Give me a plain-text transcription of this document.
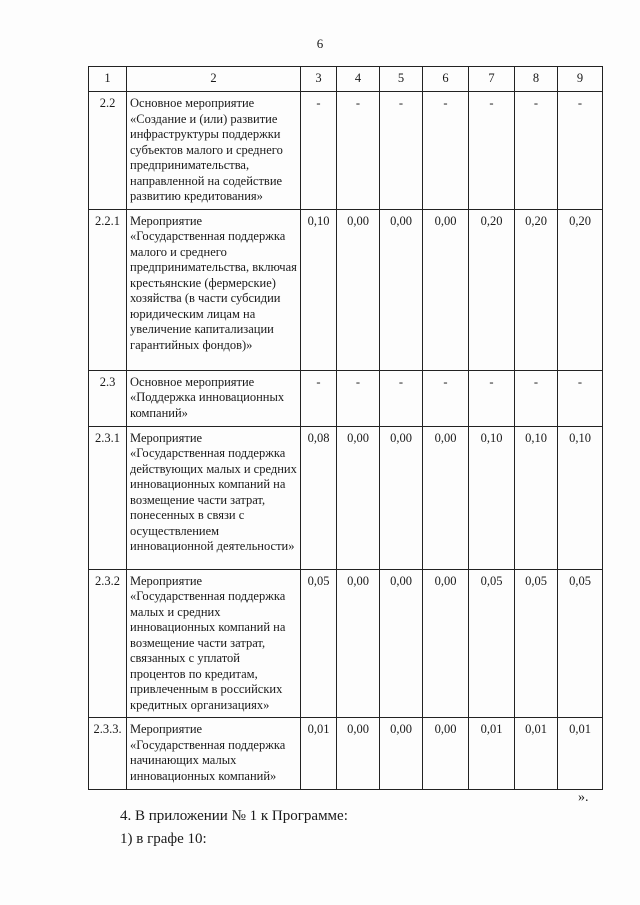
6
1	2	3	4	5	6	7	8	9
2.2	Основное мероприятие «Создание и (или) развитие инфраструктуры поддержки субъектов малого и среднего предпринимательства, направленной на содействие развитию кредитования»	-	-	-	-	-	-	-
2.2.1	Мероприятие «Государственная поддержка малого и среднего предпринимательства, включая крестьянские (фермерские) хозяйства (в части субсидии юридическим лицам на увеличение капитализации гарантийных фондов)»	0,10	0,00	0,00	0,00	0,20	0,20	0,20
2.3	Основное мероприятие «Поддержка инновационных компаний»	-	-	-	-	-	-	-
2.3.1	Мероприятие «Государственная поддержка действующих малых и средних инновационных компаний на возмещение части затрат, понесенных в связи с осуществлением инновационной деятельности»	0,08	0,00	0,00	0,00	0,10	0,10	0,10
2.3.2	Мероприятие «Государственная поддержка малых и средних инновационных компаний на возмещение части затрат, связанных с уплатой процентов по кредитам, привлеченным в российских кредитных организациях»	0,05	0,00	0,00	0,00	0,05	0,05	0,05
2.3.3.	Мероприятие «Государственная поддержка начинающих малых инновационных компаний»	0,01	0,00	0,00	0,00	0,01	0,01	0,01
».
4. В приложении № 1 к Программе:
1) в графе 10:
